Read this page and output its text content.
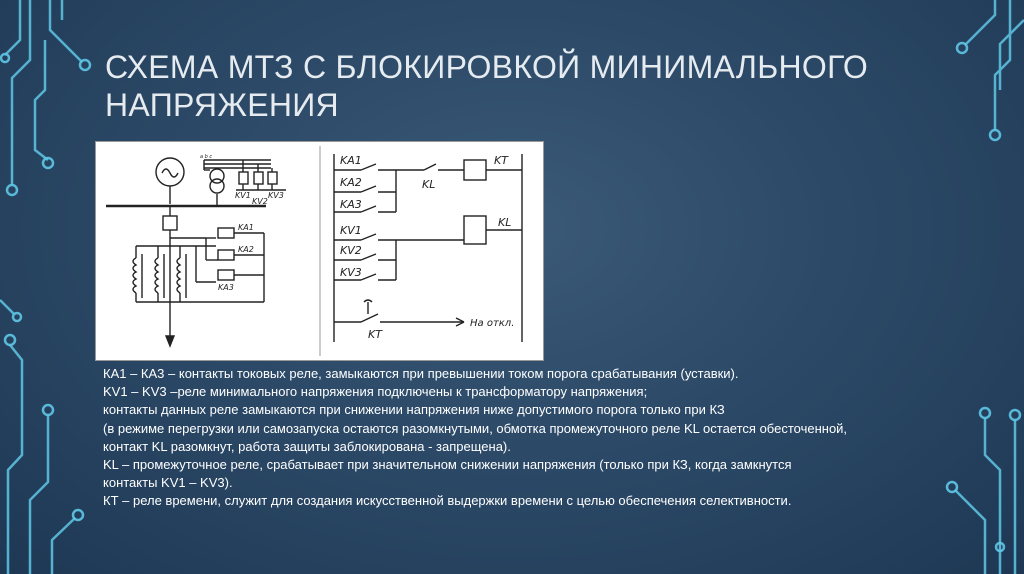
СХЕМА МТЗ С БЛОКИРОВКОЙ МИНИМАЛЬНОГО
НАПРЯЖЕНИЯ
a b c
KV1
KV2
KV3
KA1
KA2
KA3
KA1
KA2
KA3
KL
KT
KL
KV1
KV2
KV3
KT
На откл.

КА1 – КА3 – контакты токовых реле, замыкаются при превышении током порога срабатывания (уставки).

KV1 – KV3 –реле минимального напряжения подключены к трансформатору напряжения;

контакты данных реле замыкаются при снижении напряжения ниже допустимого порога только при КЗ

(в режиме перегрузки или самозапуска остаются разомкнутыми, обмотка промежуточного реле KL остается обесточенной,

контакт KL разомкнут, работа защиты заблокирована - запрещена).

KL – промежуточное реле, срабатывает при значительном снижении напряжения (только при КЗ, когда замкнутся

контакты KV1 – KV3).

КТ – реле времени, служит для создания искусственной выдержки времени с целью обеспечения селективности.
